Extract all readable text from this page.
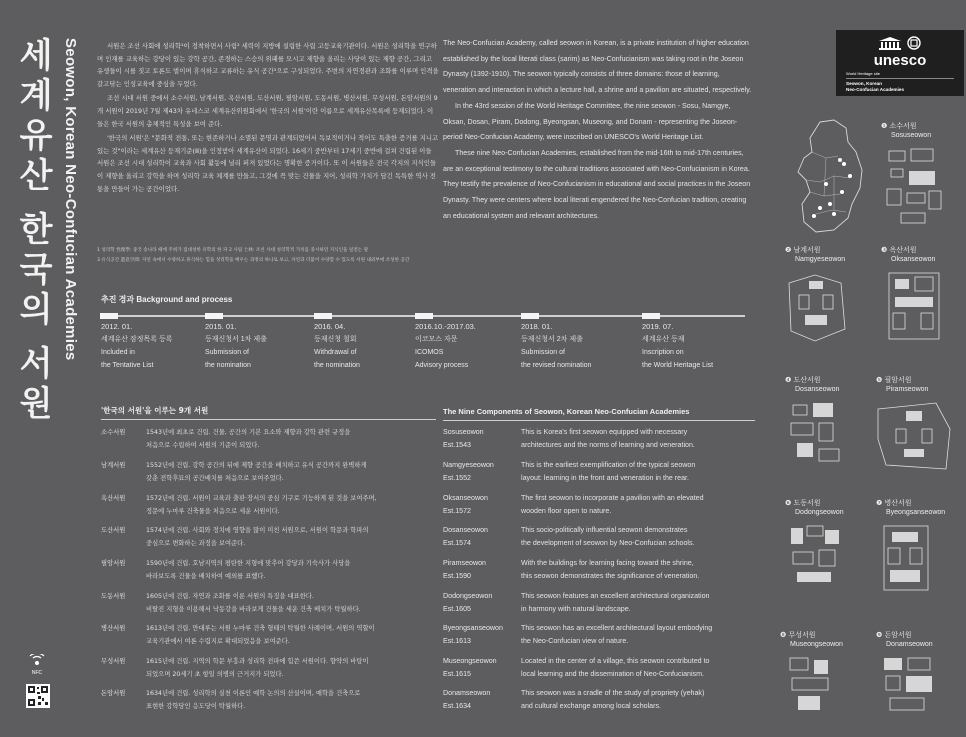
세
계
유
산
한
국
의
서
원
Seowon, Korean Neo-Confucian Academies	서원은 조선 사회에 성리학¹이 정착하면서 사림² 세력이 지방에 설립한 사립 고등교육기관이다. 서원은 성리학을 연구하며 인재를 교육하는 강당이 있는 강학 공간, 존경하는 스승의 위패를 모시고 제향을 올리는 사당이 있는 제향 공간, 그리고 유생들이 시를 짓고 토론도 벌이며 휴식하고 교류하는 유식 공간³으로 구성되었다. 주변의 자연경관과 조화를 이루며 인격을 갈고닦는 인성교육에 중심을 두었다.

조선 시대 서원 중에서 소수서원, 남계서원, 옥산서원, 도산서원, 필암서원, 도동서원, 병산서원, 무성서원, 돈암서원의 9개 서원이 2019년 7월 제43차 유네스코 세계유산위원회에서 '한국의 서원'이란 이름으로 세계유산목록에 등재되었다. 이들은 한국 서원의 총체적인 특성을 보여 준다.

'한국의 서원'은 "문화적 전통, 또는 현존하거나 소멸된 문명과 관계되었어서 독보적이거나 적어도 특출한 증거를 지니고 있는 것"이라는 세계유산 등재기준(ⅲ)을 인정받아 세계유산이 되었다. 16세기 중반부터 17세기 중반에 걸쳐 건립된 이들 서원은 조선 시대 성리학이 교육과 사회 활동에 널리 퍼져 있었다는 명확한 증거이다. 또 이 서원들은 전국 각지의 지식인들이 제향을 올리고 강학을 하며 성리학 교육 체계를 만들고, 그것에 꼭 맞는 건물을 지어, 성리학 가치가 담긴 독특한 역사 전통을 만들어 가는 공간이었다.

1 성리학 性理學: 중국 송나라 때에 주희가 집대성한 유학의 한 파 2 사림 士林: 조선 사대 성리학적 가치를 중시하던 지식인을 일컫는 말
3 유식공간 遊息空間: 자연 속에서 수양하고 휴식하는 힐을 성리학을 배우는 과정의 하나로 보고, 자연과 더불어 수양할 수 있도록 서원 내외부에 조성한 공간

The Neo-Confucian Academy, called seowon in Korean, is a private institution of higher education established by the local literati class (sarim) as Neo-Confucianism was taking root in the Joseon Dynasty (1392-1910). The seowon typically consists of three domains: those of learning, veneration and interaction in which a lecture hall, a shrine and a pavilion are situated, respectively.

In the 43rd session of the World Heritage Committee, the nine seowon - Sosu, Namgye, Oksan, Dosan, Piram, Dodong, Byeongsan, Museong, and Donam - representing the Joseon-period Neo-Confucian Academy, were inscribed on UNESCO's World Heritage List.

These nine Neo-Confucian Academies, established from the mid-16th to mid-17th centuries, are an exceptional testimony to the cultural traditions associated with Neo-Confucianism in Korea. They testify the prevalence of Neo-Confucianism in educational and social practices in the Joseon Dynasty. They were centers where local literati engendered the Neo-Confucian tradition, creating an educational system and relevant architectures.

unesco
World Heritage site
Seowon, Korean
Neo-Confucian Academies
추진 경과 Background and process
2012. 01.
세계유산 잠정목록 등록
Included in
the Tentative List
2015. 01.
등재신청서 1차 제출
Submission of
the nomination
2016. 04.
등재신청 철회
Withdrawal of
the nomination
2016.10.-2017.03.
이코모스 자문
ICOMOS
Advisory process
2018. 01.
등재신청서 2차 제출
Submission of
the revised nomination
2019. 07.
세계유산 등재
Inscription on
the World Heritage List
'한국의 서원'을 이루는 9개 서원
소수서원	1543년에 최초로 건립. 건물, 공간의 기본 요소와 제향과 강학 관련 규정을
처음으로 수립하여 서원의 기준이 되었다.
남계서원	1552년에 건립. 강학 공간의 뒤에 제향 공간을 배치하고 유식 공간까지 완벽하게
갖춘 전학후묘의 공간배치를 처음으로 보여주었다.
옥산서원	1572년에 건립. 서원이 교육과 출판·장서의 중심 기구로 기능하게 된 것을 보여주며,
정문에 누마루 건축물을 처음으로 세운 서원이다.
도산서원	1574년에 건립. 사회와 정치에 영향을 많이 미친 서원으로, 서원이 학문과 학파의
중심으로 변화하는 과정을 보여준다.
필암서원	1590년에 건립. 호남지역의 평탄한 지형에 맞추어 강당과 기숙사가 사당을
바라보도록 건물을 배치하여 예외를 표했다.
도동서원	1605년에 건립. 자연과 조화를 이룬 서원의 특징을 대표한다.
비탈진 지형을 이용해서 낙동강을 바라보게 건물을 세운 건축 배치가 탁월하다.
병산서원	1613년에 건립. 만대루는 서원 누마루 건축 형태의 탁월한 사례이며, 서원의 역할이
교육기관에서 여론 수렴지로 확대되었음을 보여준다.
무성서원	1615년에 건립. 지역의 학문 부흥과 성리학 전파에 힘쓴 서원이다. 향약의 바탕이
되었으며 20세기 초 항일 의병의 근거지가 되었다.
돈암서원	1634년에 건립. 성리학의 실천 이론인 예학 논의의 산실이며, 예학을 건축으로
표현한 강학당인 응도당이 탁월하다.
The Nine Components of Seowon, Korean Neo-Confucian Academies
Sosuseowon
Est.1543
This is Korea's first seowon equipped with necessary
architectures and the norms of learning and veneration.
Namgyeseowon
Est.1552
This is the earliest exemplification of the typical seowon
layout: learning in the front and veneration in the rear.
Oksanseowon
Est.1572
The first seowon to incorporate a pavilion with an elevated
wooden floor open to nature.
Dosanseowon
Est.1574
This socio-politically influential seowon demonstrates
the development of seowon by Neo-Confucian schools.
Piramseowon
Est.1590
With the buildings for learning facing toward the shrine,
this seowon demonstrates the significance of veneration.
Dodongseowon
Est.1605
This seowon features an excellent architectural organization
in harmony with natural landscape.
Byeongsanseowon
Est.1613
This seowon has an excellent architectural layout embodying
the Neo-Confucian view of nature.
Museongseowon
Est.1615
Located in the center of a village, this seowon contributed to
local learning and the dissemination of Neo-Confucianism.
Donamseowon
Est.1634
This seowon was a cradle of the study of propriety (yehak)
and cultural exchange among local scholars.
❶ 소수서원
Sosuseowon
❷ 남계서원
Namgyeseowon
❸ 옥산서원
Oksanseowon
❹ 도산서원
Dosanseowon
❺ 필암서원
Piramseowon
❻ 도동서원
Dodongseowon
❼ 병산서원
Byeongsanseowon
❽ 무성서원
Museongseowon
❾ 돈암서원
Donamseowon
NFC
